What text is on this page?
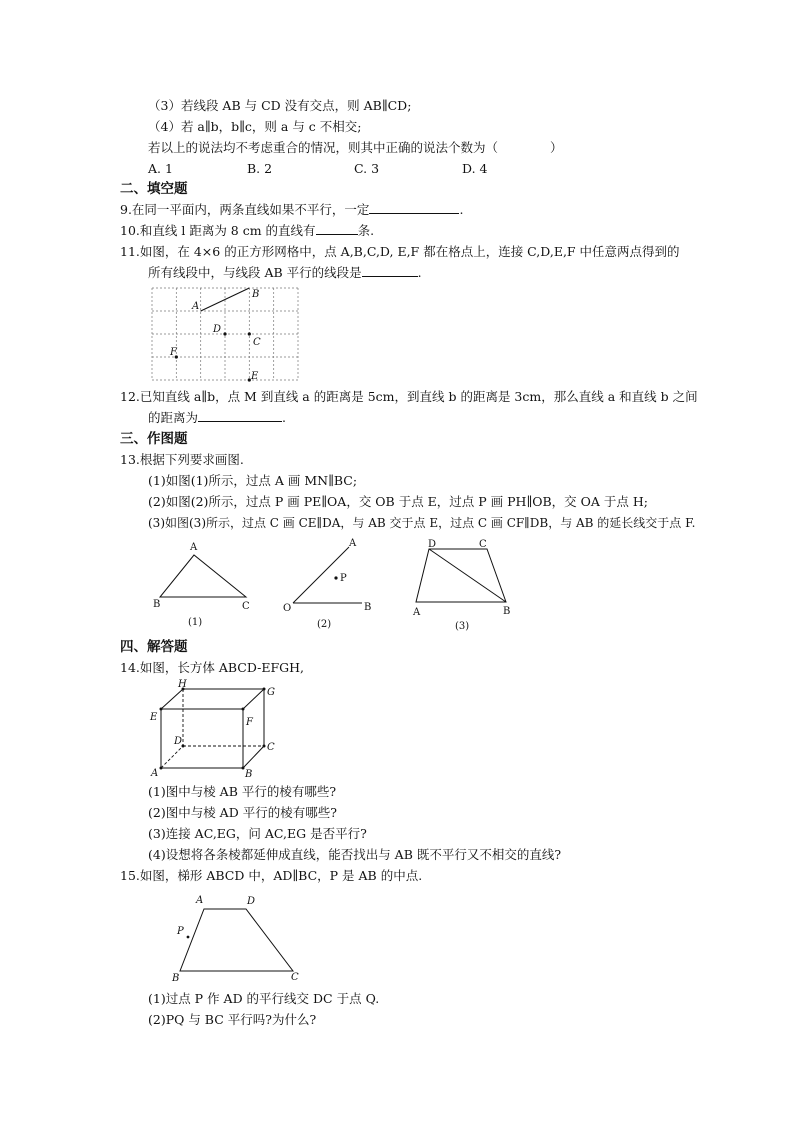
（3）若线段 AB 与 CD 没有交点，则 AB∥CD;
（4）若 a∥b，b∥c，则 a 与 c 不相交;
若以上的说法均不考虑重合的情况，则其中正确的说法个数为（	）
A. 1	B. 2	C. 3	D. 4
二、填空题
9.在同一平面内，两条直线如果不平行，一定	.
10.和直线 l 距离为 8 cm 的直线有	条.
11.如图，在 4×6 的正方形网格中，点 A,B,C,D, E,F 都在格点上，连接 C,D,E,F 中任意两点得到的
所有线段中，与线段 AB 平行的线段是	.
A
B
D
C
F
E
12.已知直线 a∥b，点 M 到直线 a 的距离是 5cm，到直线 b 的距离是 3cm，那么直线 a 和直线 b 之间
的距离为	.
三、作图题
13.根据下列要求画图.
(1)如图(1)所示，过点 A 画 MN∥BC;
(2)如图(2)所示，过点 P 画 PE∥OA，交 OB 于点 E，过点 P 画 PH∥OB，交 OA 于点 H;
(3)如图(3)所示，过点 C 画 CE∥DA，与 AB 交于点 E，过点 C 画 CF∥DB，与 AB 的延长线交于点 F.
A
B	C
(1)
A
P
O	B
(2)
D	C
A	B
(3)
四、解答题
14.如图，长方体 ABCD-EFGH,
A	B
C
D
E	F
G
H
(1)图中与棱 AB 平行的棱有哪些?
(2)图中与棱 AD 平行的棱有哪些?
(3)连接 AC,EG，问 AC,EG 是否平行?
(4)设想将各条棱都延伸成直线，能否找出与 AB 既不平行又不相交的直线?
15.如图，梯形 ABCD 中，AD∥BC，P 是 AB 的中点.
A	D
P
B	C
(1)过点 P 作 AD 的平行线交 DC 于点 Q.
(2)PQ 与 BC 平行吗?为什么?
